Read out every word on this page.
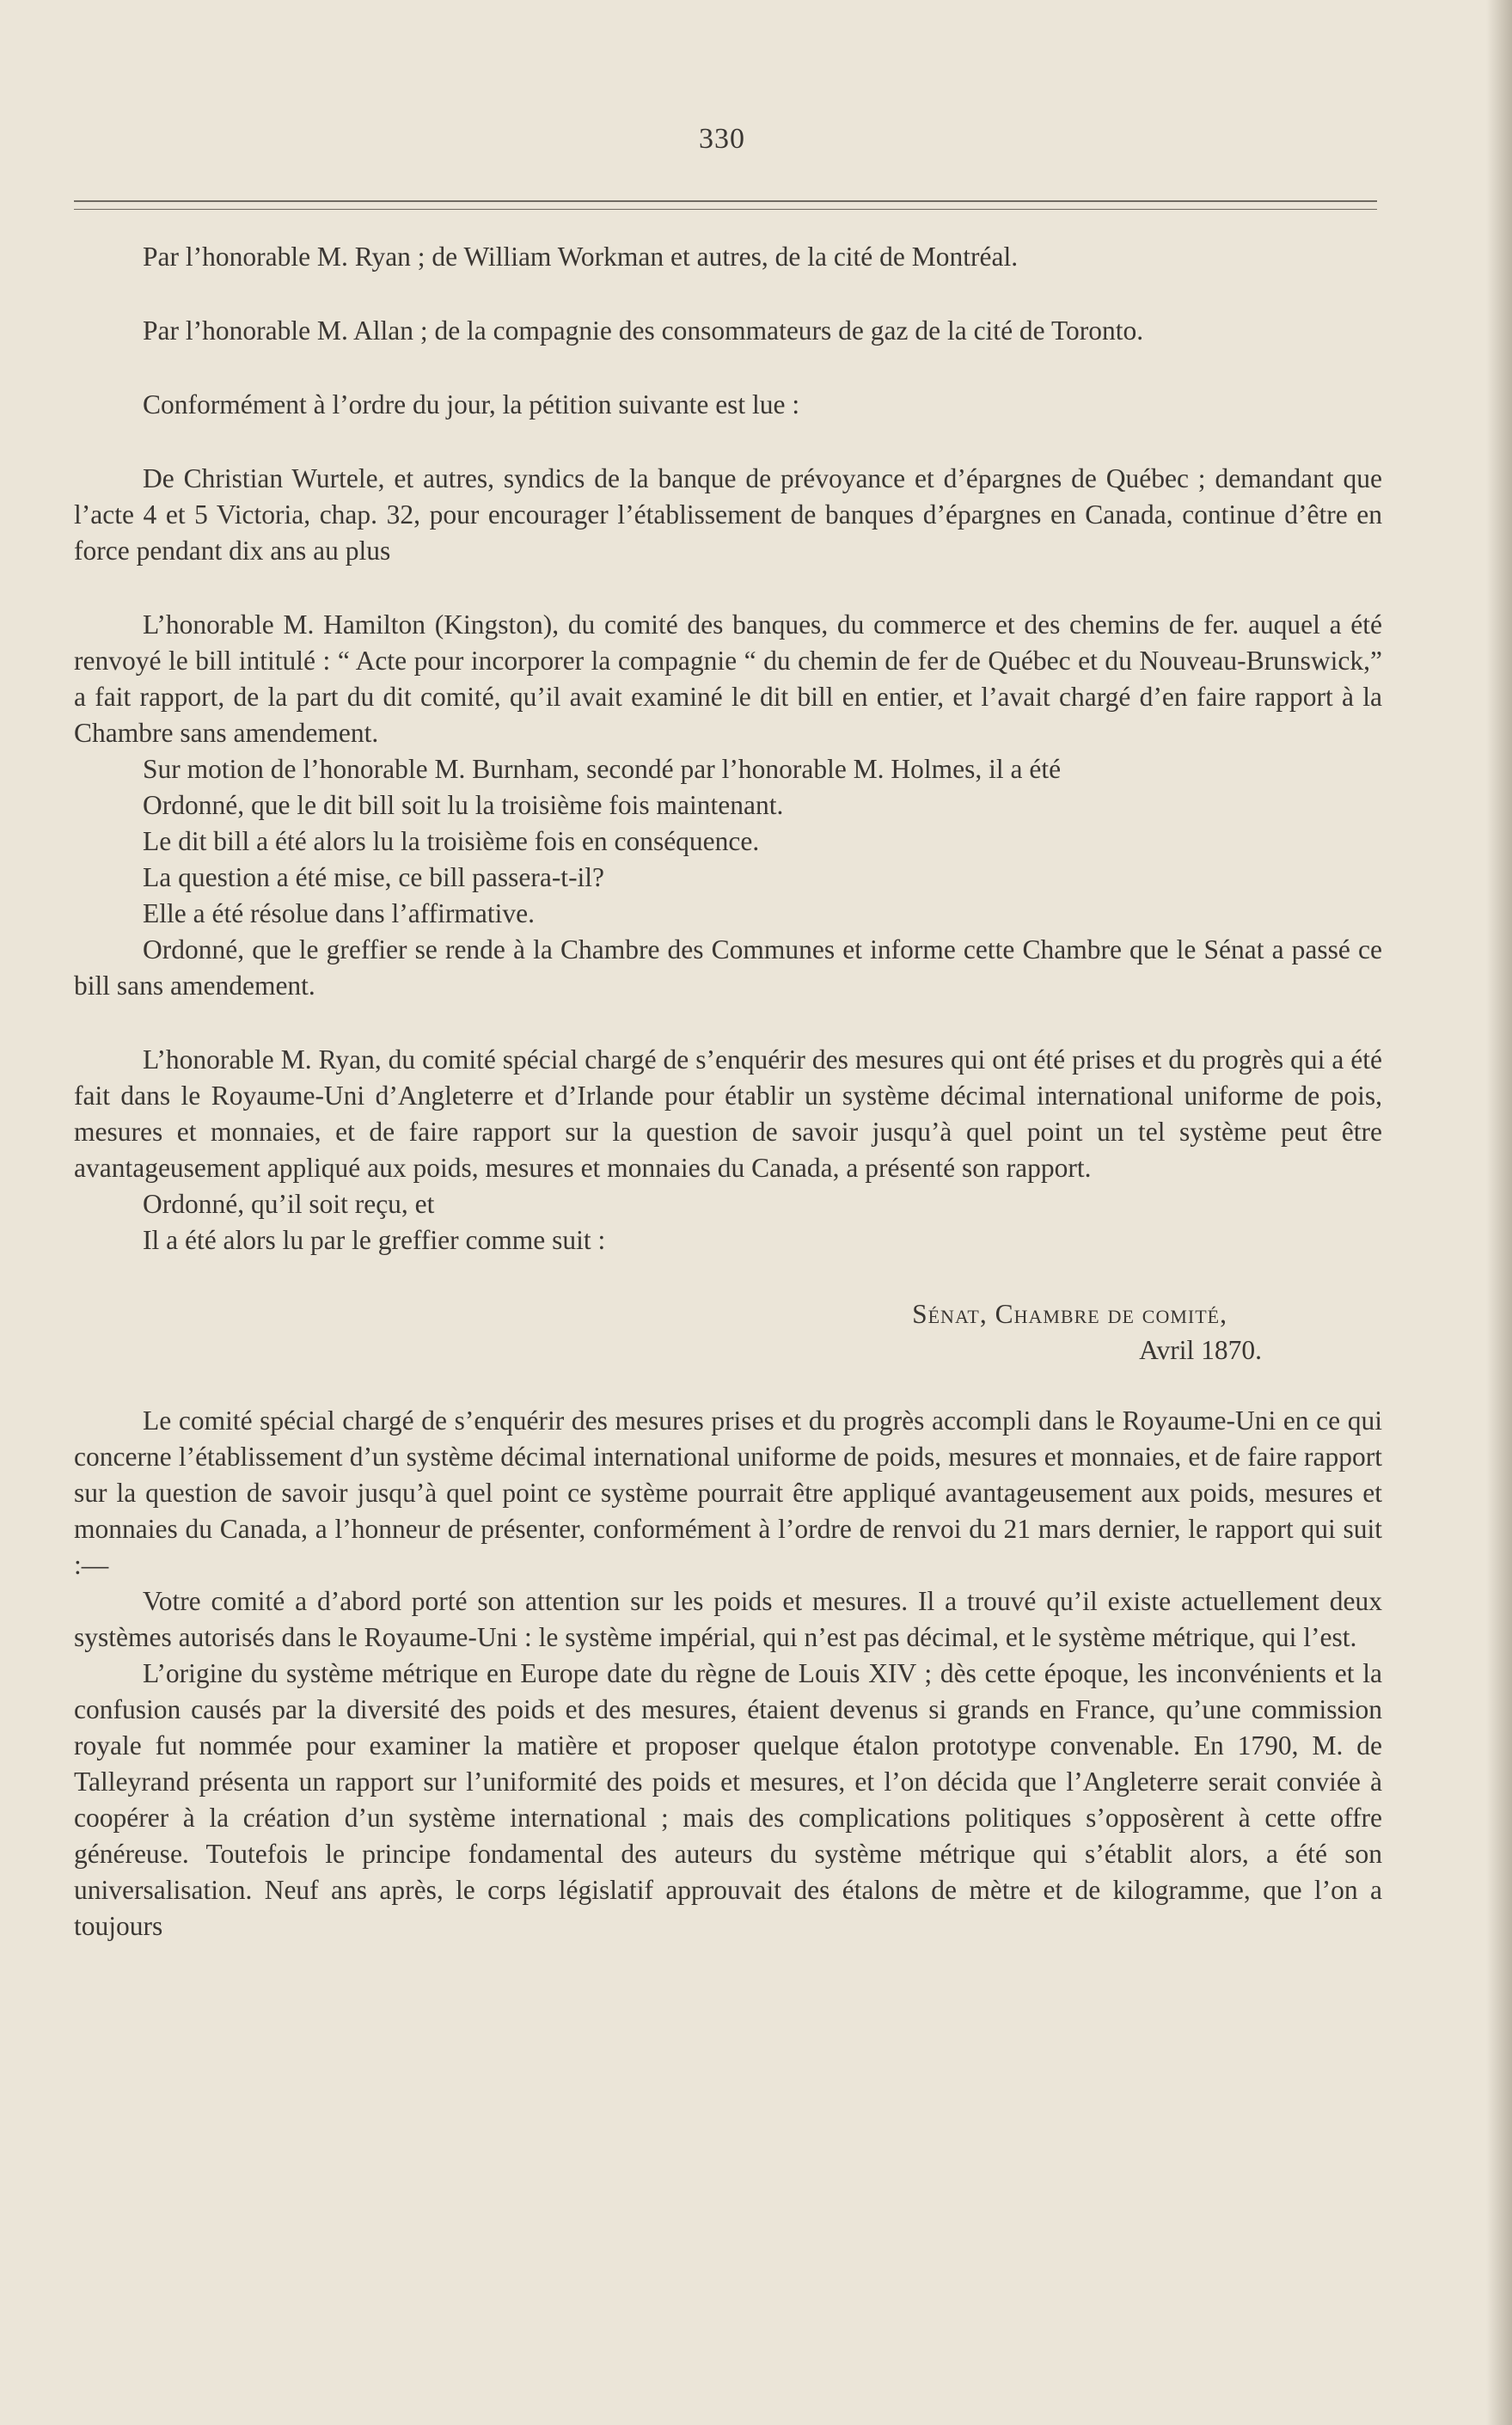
330

Par l’honorable M. Ryan ; de William Workman et autres, de la cité de Montréal.

Par l’honorable M. Allan ; de la compagnie des consommateurs de gaz de la cité de Toronto.

Conformément à l’ordre du jour, la pétition suivante est lue :

De Christian Wurtele, et autres, syndics de la banque de prévoyance et d’épargnes de Québec ; demandant que l’acte 4 et 5 Victoria, chap. 32, pour encourager l’établissement de banques d’épargnes en Canada, continue d’être en force pendant dix ans au plus

L’honorable M. Hamilton (Kingston), du comité des banques, du commerce et des chemins de fer. auquel a été renvoyé le bill intitulé : “ Acte pour incorporer la compagnie “ du chemin de fer de Québec et du Nouveau-Brunswick,” a fait rapport, de la part du dit comité, qu’il avait examiné le dit bill en entier, et l’avait chargé d’en faire rapport à la Chambre sans amendement.

Sur motion de l’honorable M. Burnham, secondé par l’honorable M. Holmes, il a été

Ordonné, que le dit bill soit lu la troisième fois maintenant.

Le dit bill a été alors lu la troisième fois en conséquence.

La question a été mise, ce bill passera-t-il?

Elle a été résolue dans l’affirmative.

Ordonné, que le greffier se rende à la Chambre des Communes et informe cette Chambre que le Sénat a passé ce bill sans amendement.

L’honorable M. Ryan, du comité spécial chargé de s’enquérir des mesures qui ont été prises et du progrès qui a été fait dans le Royaume-Uni d’Angleterre et d’Irlande pour établir un système décimal international uniforme de pois, mesures et monnaies, et de faire rapport sur la question de savoir jusqu’à quel point un tel système peut être avantageusement appliqué aux poids, mesures et monnaies du Canada, a présenté son rapport.

Ordonné, qu’il soit reçu, et

Il a été alors lu par le greffier comme suit :

Sénat, Chambre de comité,

Avril 1870.

Le comité spécial chargé de s’enquérir des mesures prises et du progrès accompli dans le Royaume-Uni en ce qui concerne l’établissement d’un système décimal international uniforme de poids, mesures et monnaies, et de faire rapport sur la question de savoir jusqu’à quel point ce système pourrait être appliqué avantageusement aux poids, mesures et monnaies du Canada, a l’honneur de présenter, conformément à l’ordre de renvoi du 21 mars dernier, le rapport qui suit :—

Votre comité a d’abord porté son attention sur les poids et mesures. Il a trouvé qu’il existe actuellement deux systèmes autorisés dans le Royaume-Uni : le système impérial, qui n’est pas décimal, et le système métrique, qui l’est.

L’origine du système métrique en Europe date du règne de Louis XIV ; dès cette époque, les inconvénients et la confusion causés par la diversité des poids et des mesures, étaient devenus si grands en France, qu’une commission royale fut nommée pour examiner la matière et proposer quelque étalon prototype convenable. En 1790, M. de Talleyrand présenta un rapport sur l’uniformité des poids et mesures, et l’on décida que l’Angleterre serait conviée à coopérer à la création d’un système international ; mais des complications politiques s’opposèrent à cette offre généreuse. Toutefois le principe fondamental des auteurs du système métrique qui s’établit alors, a été son universalisation. Neuf ans après, le corps législatif approuvait des étalons de mètre et de kilogramme, que l’on a toujours
